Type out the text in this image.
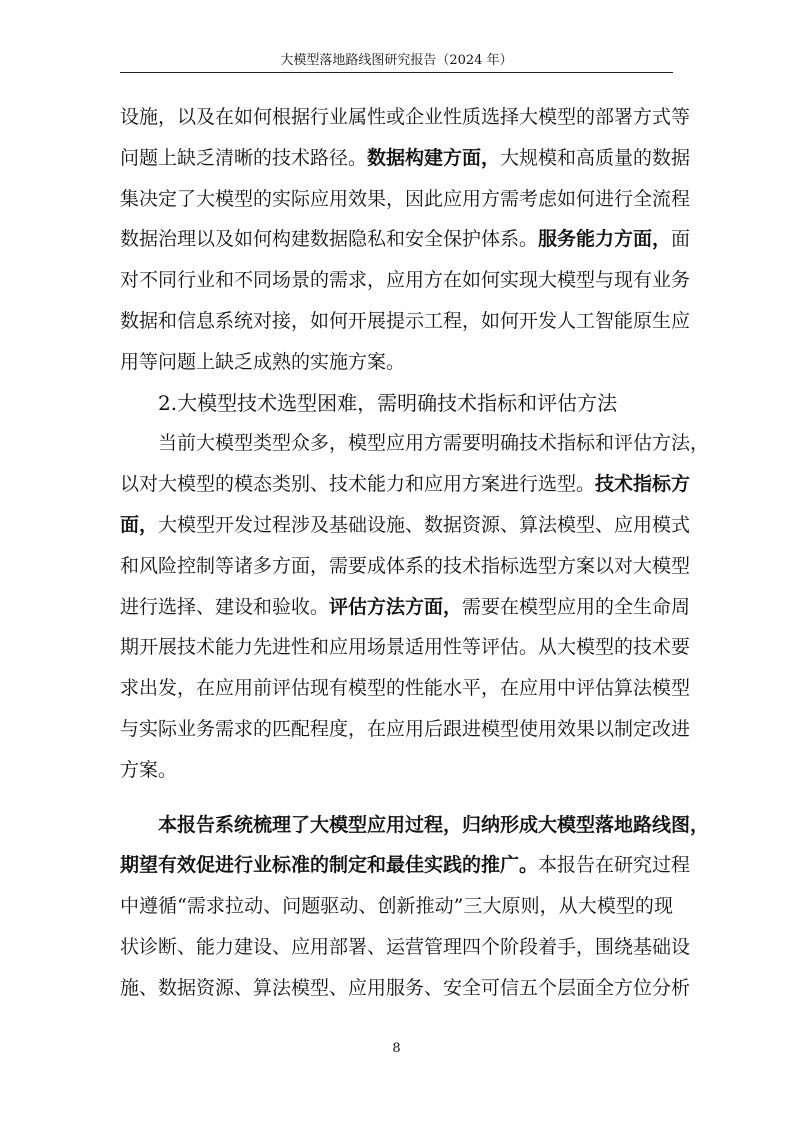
大模型落地路线图研究报告（2024 年）
设施，以及在如何根据行业属性或企业性质选择大模型的部署方式等
问题上缺乏清晰的技术路径。数据构建方面，大规模和高质量的数据
集决定了大模型的实际应用效果，因此应用方需考虑如何进行全流程
数据治理以及如何构建数据隐私和安全保护体系。服务能力方面，面
对不同行业和不同场景的需求，应用方在如何实现大模型与现有业务
数据和信息系统对接，如何开展提示工程，如何开发人工智能原生应
用等问题上缺乏成熟的实施方案。
2.大模型技术选型困难，需明确技术指标和评估方法
当前大模型类型众多，模型应用方需要明确技术指标和评估方法，
以对大模型的模态类别、技术能力和应用方案进行选型。技术指标方
面，大模型开发过程涉及基础设施、数据资源、算法模型、应用模式
和风险控制等诸多方面，需要成体系的技术指标选型方案以对大模型
进行选择、建设和验收。评估方法方面，需要在模型应用的全生命周
期开展技术能力先进性和应用场景适用性等评估。从大模型的技术要
求出发，在应用前评估现有模型的性能水平，在应用中评估算法模型
与实际业务需求的匹配程度，在应用后跟进模型使用效果以制定改进
方案。
本报告系统梳理了大模型应用过程，归纳形成大模型落地路线图，
期望有效促进行业标准的制定和最佳实践的推广。本报告在研究过程
中遵循“需求拉动、问题驱动、创新推动”三大原则，从大模型的现
状诊断、能力建设、应用部署、运营管理四个阶段着手，围绕基础设
施、数据资源、算法模型、应用服务、安全可信五个层面全方位分析
8
